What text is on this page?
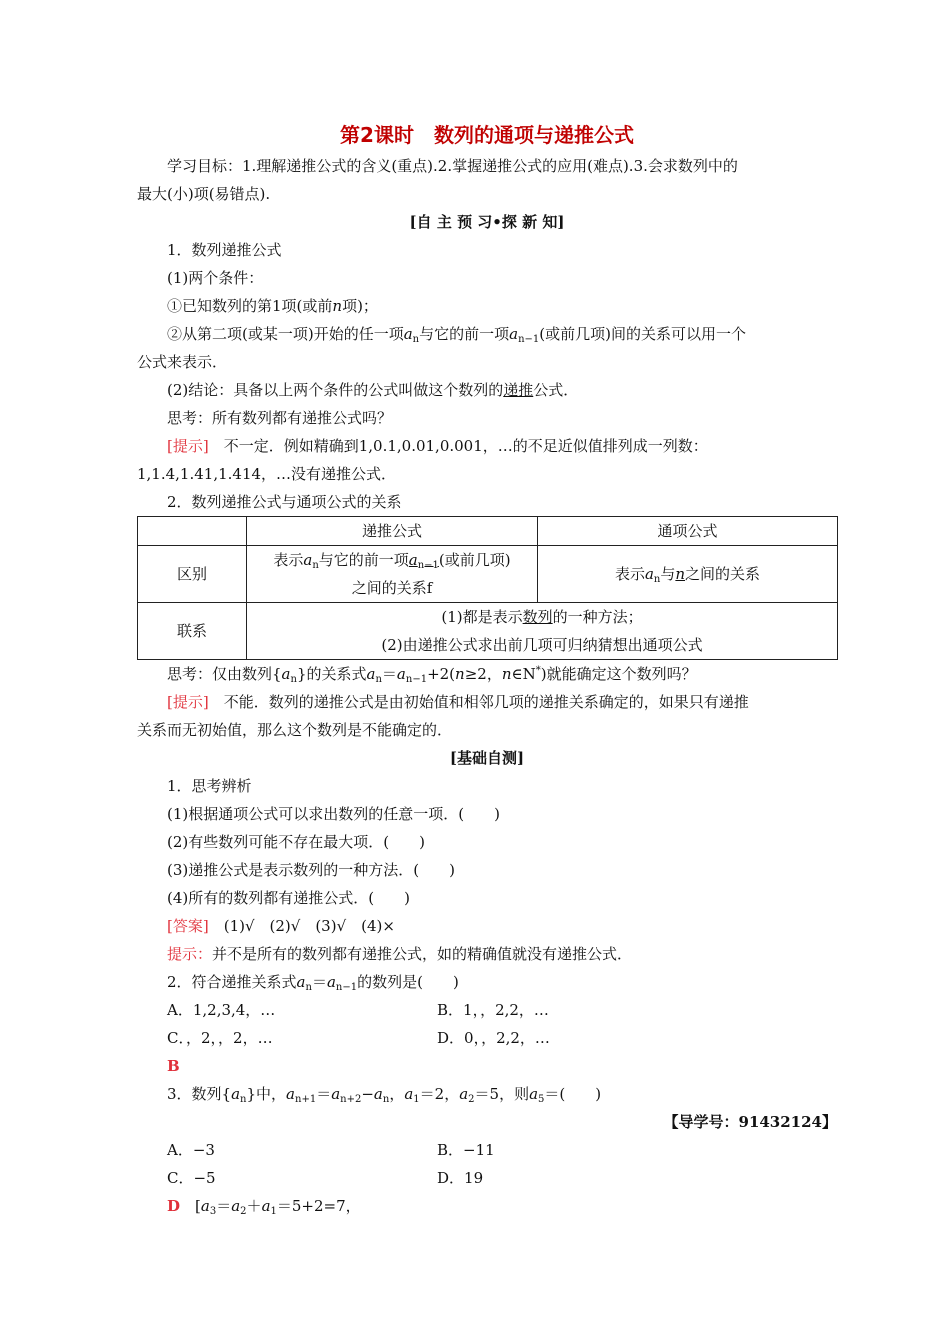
第2课时　数列的通项与递推公式
学习目标：1.理解递推公式的含义(重点).2.掌握递推公式的应用(难点).3.会求数列中的
最大(小)项(易错点).
[自 主 预 习•探 新 知]
1．数列递推公式
(1)两个条件：
①已知数列的第1项(或前n项)；
②从第二项(或某一项)开始的任一项$a_n$与它的前一项$a_{n-1}$(或前几项)间的关系可以用一个
公式来表示．
(2)结论：具备以上两个条件的公式叫做这个数列的递推公式．
思考：所有数列都有递推公式吗？
[提示]　不一定．例如精确到1,0.1,0.01,0.001，…的不足近似值排列成一列数：
1,1.4,1.41,1.414，…没有递推公式．
2．数列递推公式与通项公式的关系
	递推公式	通项公式
区别	表示$a_n$与它的前一项$a_{n-1}$(或前几项)
之间的关系f	表示$a_n$与n之间的关系
联系	(1)都是表示数列的一种方法；
(2)由递推公式求出前几项可归纳猜想出通项公式	
思考：仅由数列$\{a_n\}$的关系式$a_n=a_{n-1}+2(n\ge 2$，n∈N*)就能确定这个数列吗？
[提示]　不能．数列的递推公式是由初始值和相邻几项的递推关系确定的，如果只有递推
关系而无初始值，那么这个数列是不能确定的．
[基础自测]
1．思考辨析
(1)根据通项公式可以求出数列的任意一项．(　　)
(2)有些数列可能不存在最大项．(　　)
(3)递推公式是表示数列的一种方法．(　　)
(4)所有的数列都有递推公式．(　　)
[答案]　(1)√　(2)√　(3)√　(4)×
提示：并不是所有的数列都有递推公式，如的精确值就没有递推公式．
2．符合递推关系式$a_n=a_{n-1}$的数列是(　　)
A．1,2,3,4，…	B．1，，2,2，…
C．，2，，2，…	D．0，，2,2，…
B
3．数列$\{a_n\}$中，$a_{n+1}=a_{n+2}-a_n$，$a_1=2$，$a_2=5$，则$a_5=$(　　)
【导学号：91432124】
A．−3	B．−11
C．−5	D．19
D　[$a_3=a_2+a_1=5+2=7$，
